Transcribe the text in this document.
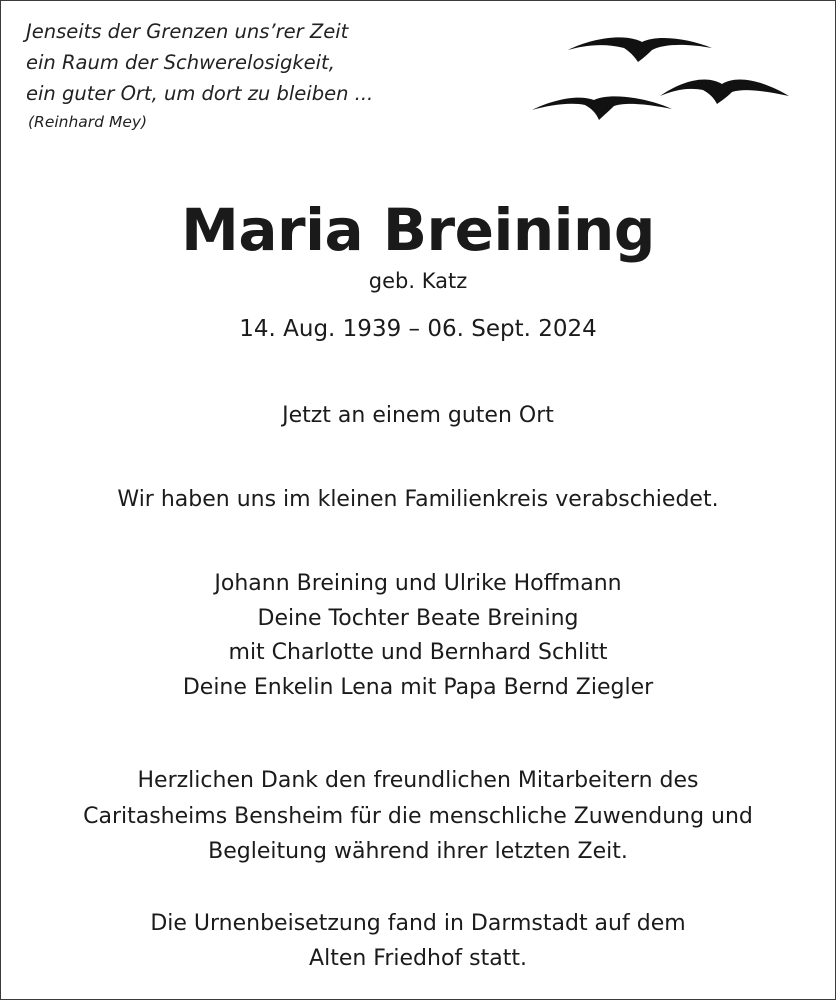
Jenseits der Grenzen uns’rer Zeit
ein Raum der Schwerelosigkeit,
ein guter Ort, um dort zu bleiben ...
(Reinhard Mey)
Maria Breining
geb. Katz
14. Aug. 1939 – 06. Sept. 2024
Jetzt an einem guten Ort
Wir haben uns im kleinen Familienkreis verabschiedet.
Johann Breining und Ulrike Hoffmann
Deine Tochter Beate Breining
mit Charlotte und Bernhard Schlitt
Deine Enkelin Lena mit Papa Bernd Ziegler
Herzlichen Dank den freundlichen Mitarbeitern des
Caritasheims Bensheim für die menschliche Zuwendung und
Begleitung während ihrer letzten Zeit.
Die Urnenbeisetzung fand in Darmstadt auf dem
Alten Friedhof statt.
